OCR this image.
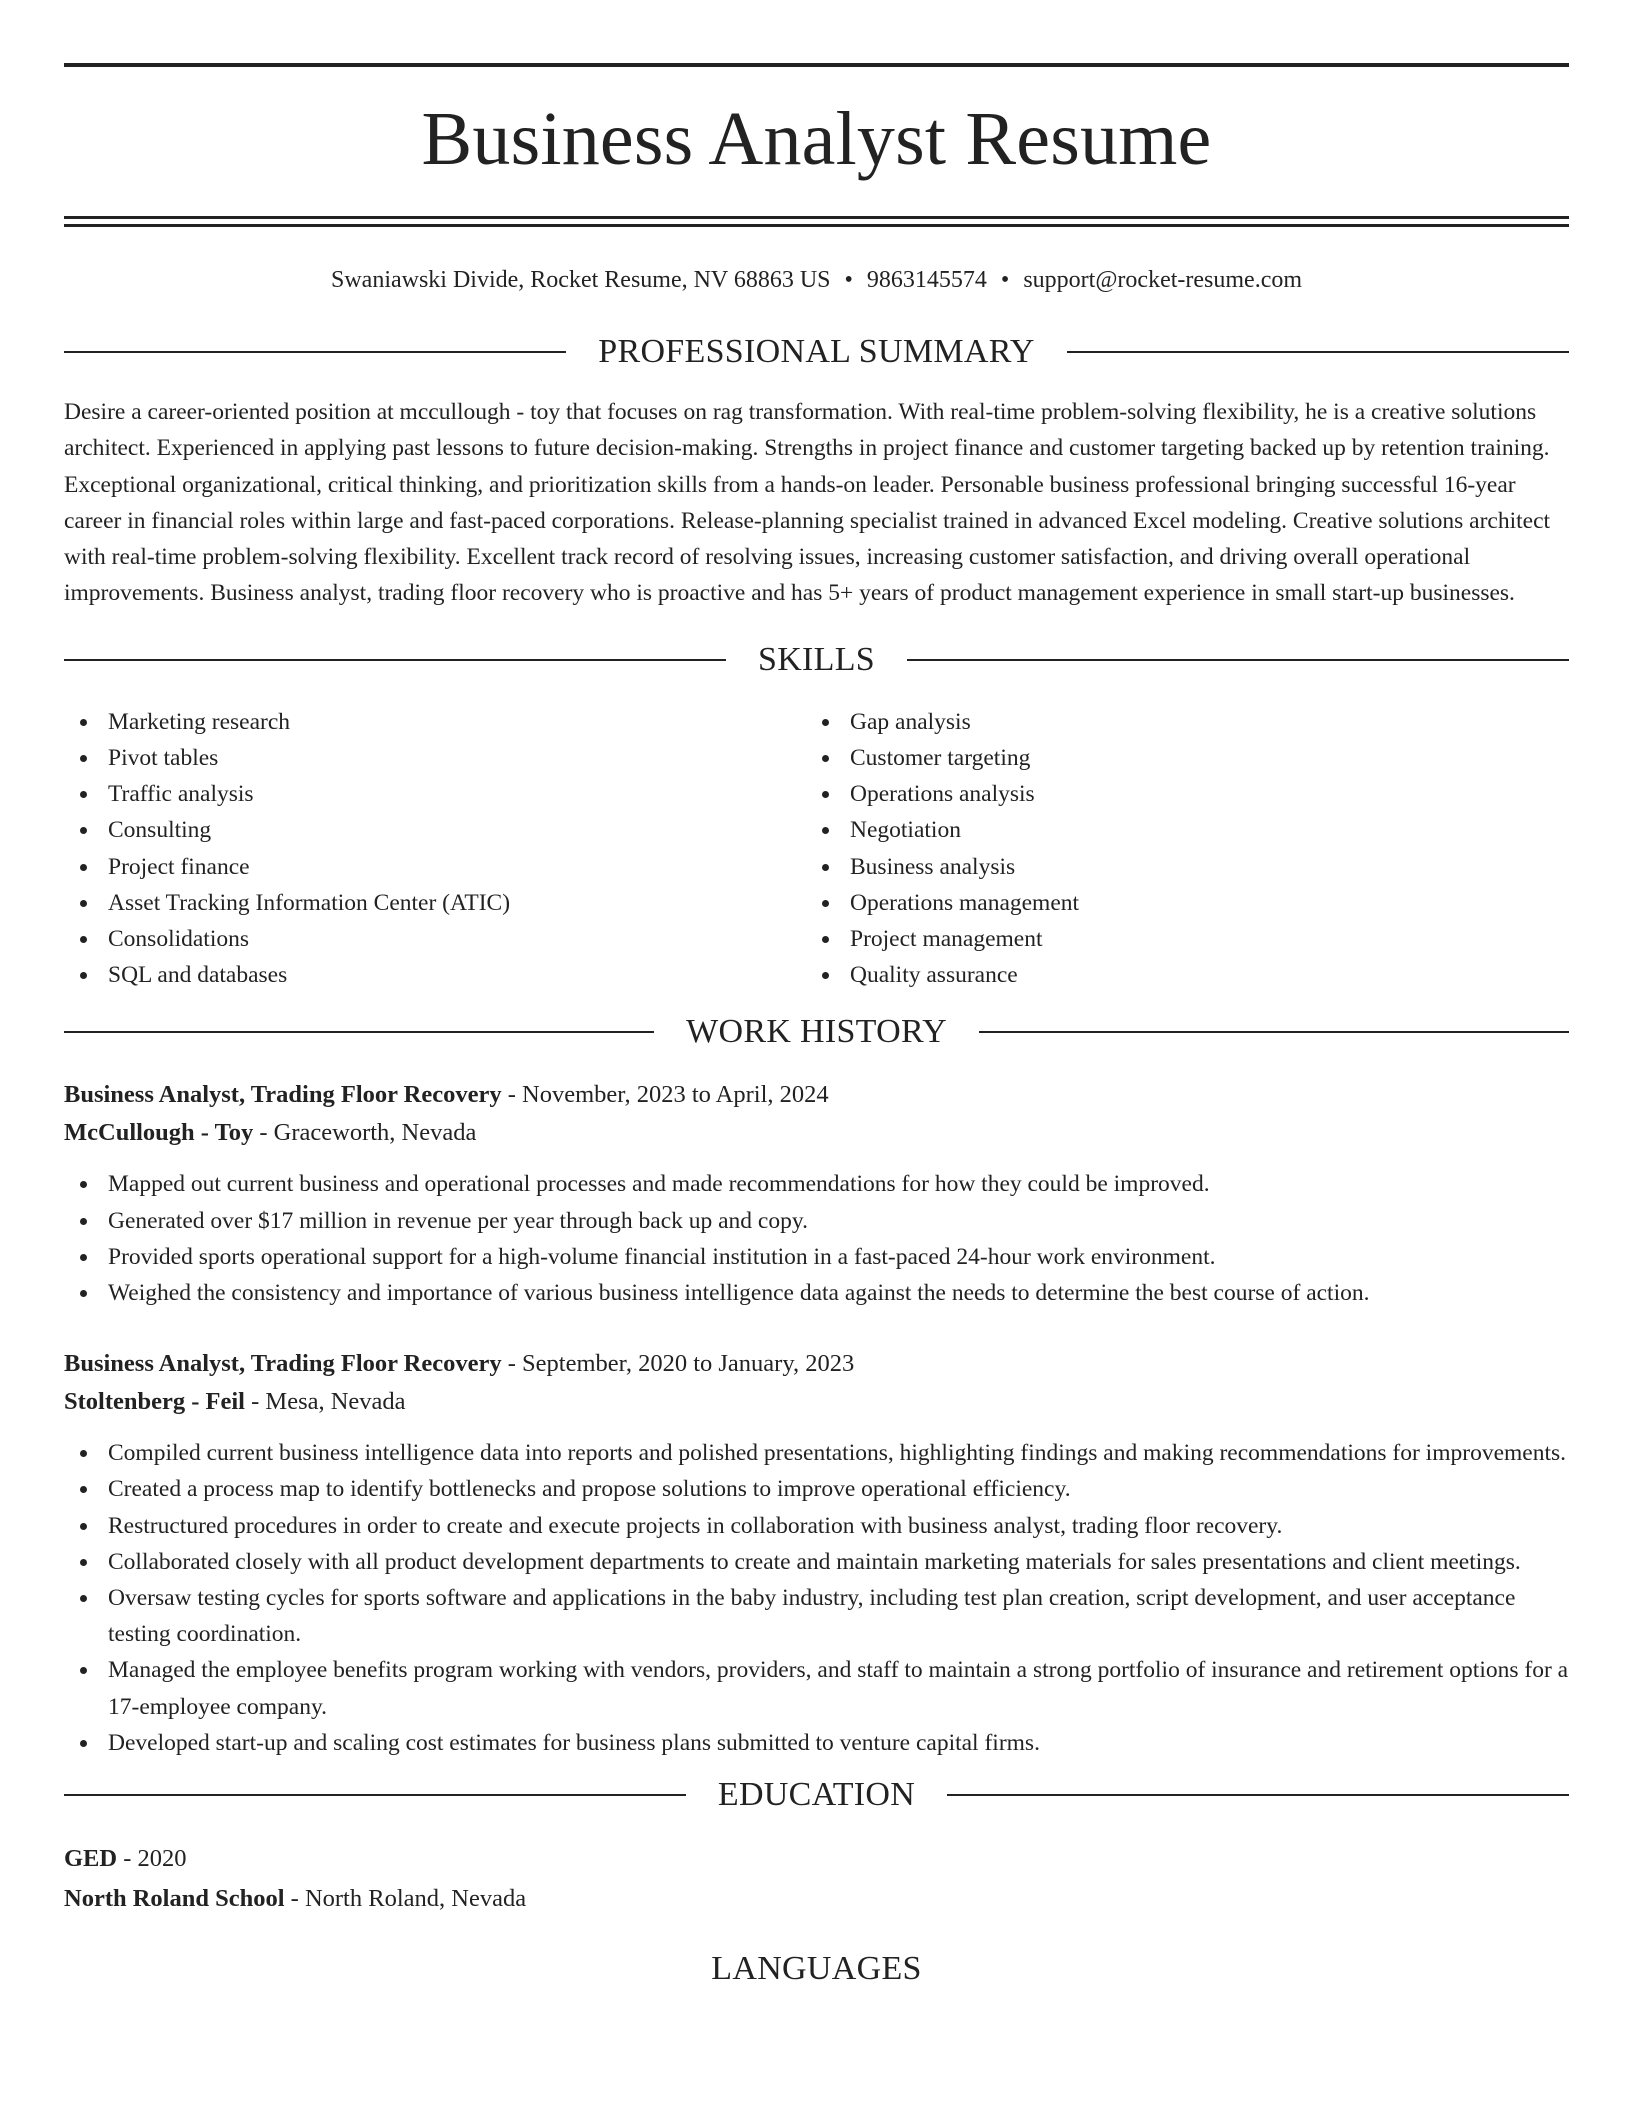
Business Analyst Resume
Swaniawski Divide, Rocket Resume, NV 68863 US • 9863145574 • support@rocket-resume.com
PROFESSIONAL SUMMARY
Desire a career-oriented position at mccullough - toy that focuses on rag transformation. With real-time problem-solving flexibility, he is a creative solutions architect. Experienced in applying past lessons to future decision-making. Strengths in project finance and customer targeting backed up by retention training. Exceptional organizational, critical thinking, and prioritization skills from a hands-on leader. Personable business professional bringing successful 16-year career in financial roles within large and fast-paced corporations. Release-planning specialist trained in advanced Excel modeling. Creative solutions architect with real-time problem-solving flexibility. Excellent track record of resolving issues, increasing customer satisfaction, and driving overall operational improvements. Business analyst, trading floor recovery who is proactive and has 5+ years of product management experience in small start-up businesses.
SKILLS
Marketing research
Pivot tables
Traffic analysis
Consulting
Project finance
Asset Tracking Information Center (ATIC)
Consolidations
SQL and databases
Gap analysis
Customer targeting
Operations analysis
Negotiation
Business analysis
Operations management
Project management
Quality assurance
WORK HISTORY
Business Analyst, Trading Floor Recovery - November, 2023 to April, 2024
McCullough - Toy - Graceworth, Nevada
Mapped out current business and operational processes and made recommendations for how they could be improved.
Generated over $17 million in revenue per year through back up and copy.
Provided sports operational support for a high-volume financial institution in a fast-paced 24-hour work environment.
Weighed the consistency and importance of various business intelligence data against the needs to determine the best course of action.
Business Analyst, Trading Floor Recovery - September, 2020 to January, 2023
Stoltenberg - Feil - Mesa, Nevada
Compiled current business intelligence data into reports and polished presentations, highlighting findings and making recommendations for improvements.
Created a process map to identify bottlenecks and propose solutions to improve operational efficiency.
Restructured procedures in order to create and execute projects in collaboration with business analyst, trading floor recovery.
Collaborated closely with all product development departments to create and maintain marketing materials for sales presentations and client meetings.
Oversaw testing cycles for sports software and applications in the baby industry, including test plan creation, script development, and user acceptance testing coordination.
Managed the employee benefits program working with vendors, providers, and staff to maintain a strong portfolio of insurance and retirement options for a 17-employee company.
Developed start-up and scaling cost estimates for business plans submitted to venture capital firms.
EDUCATION
GED - 2020
North Roland School - North Roland, Nevada
LANGUAGES
